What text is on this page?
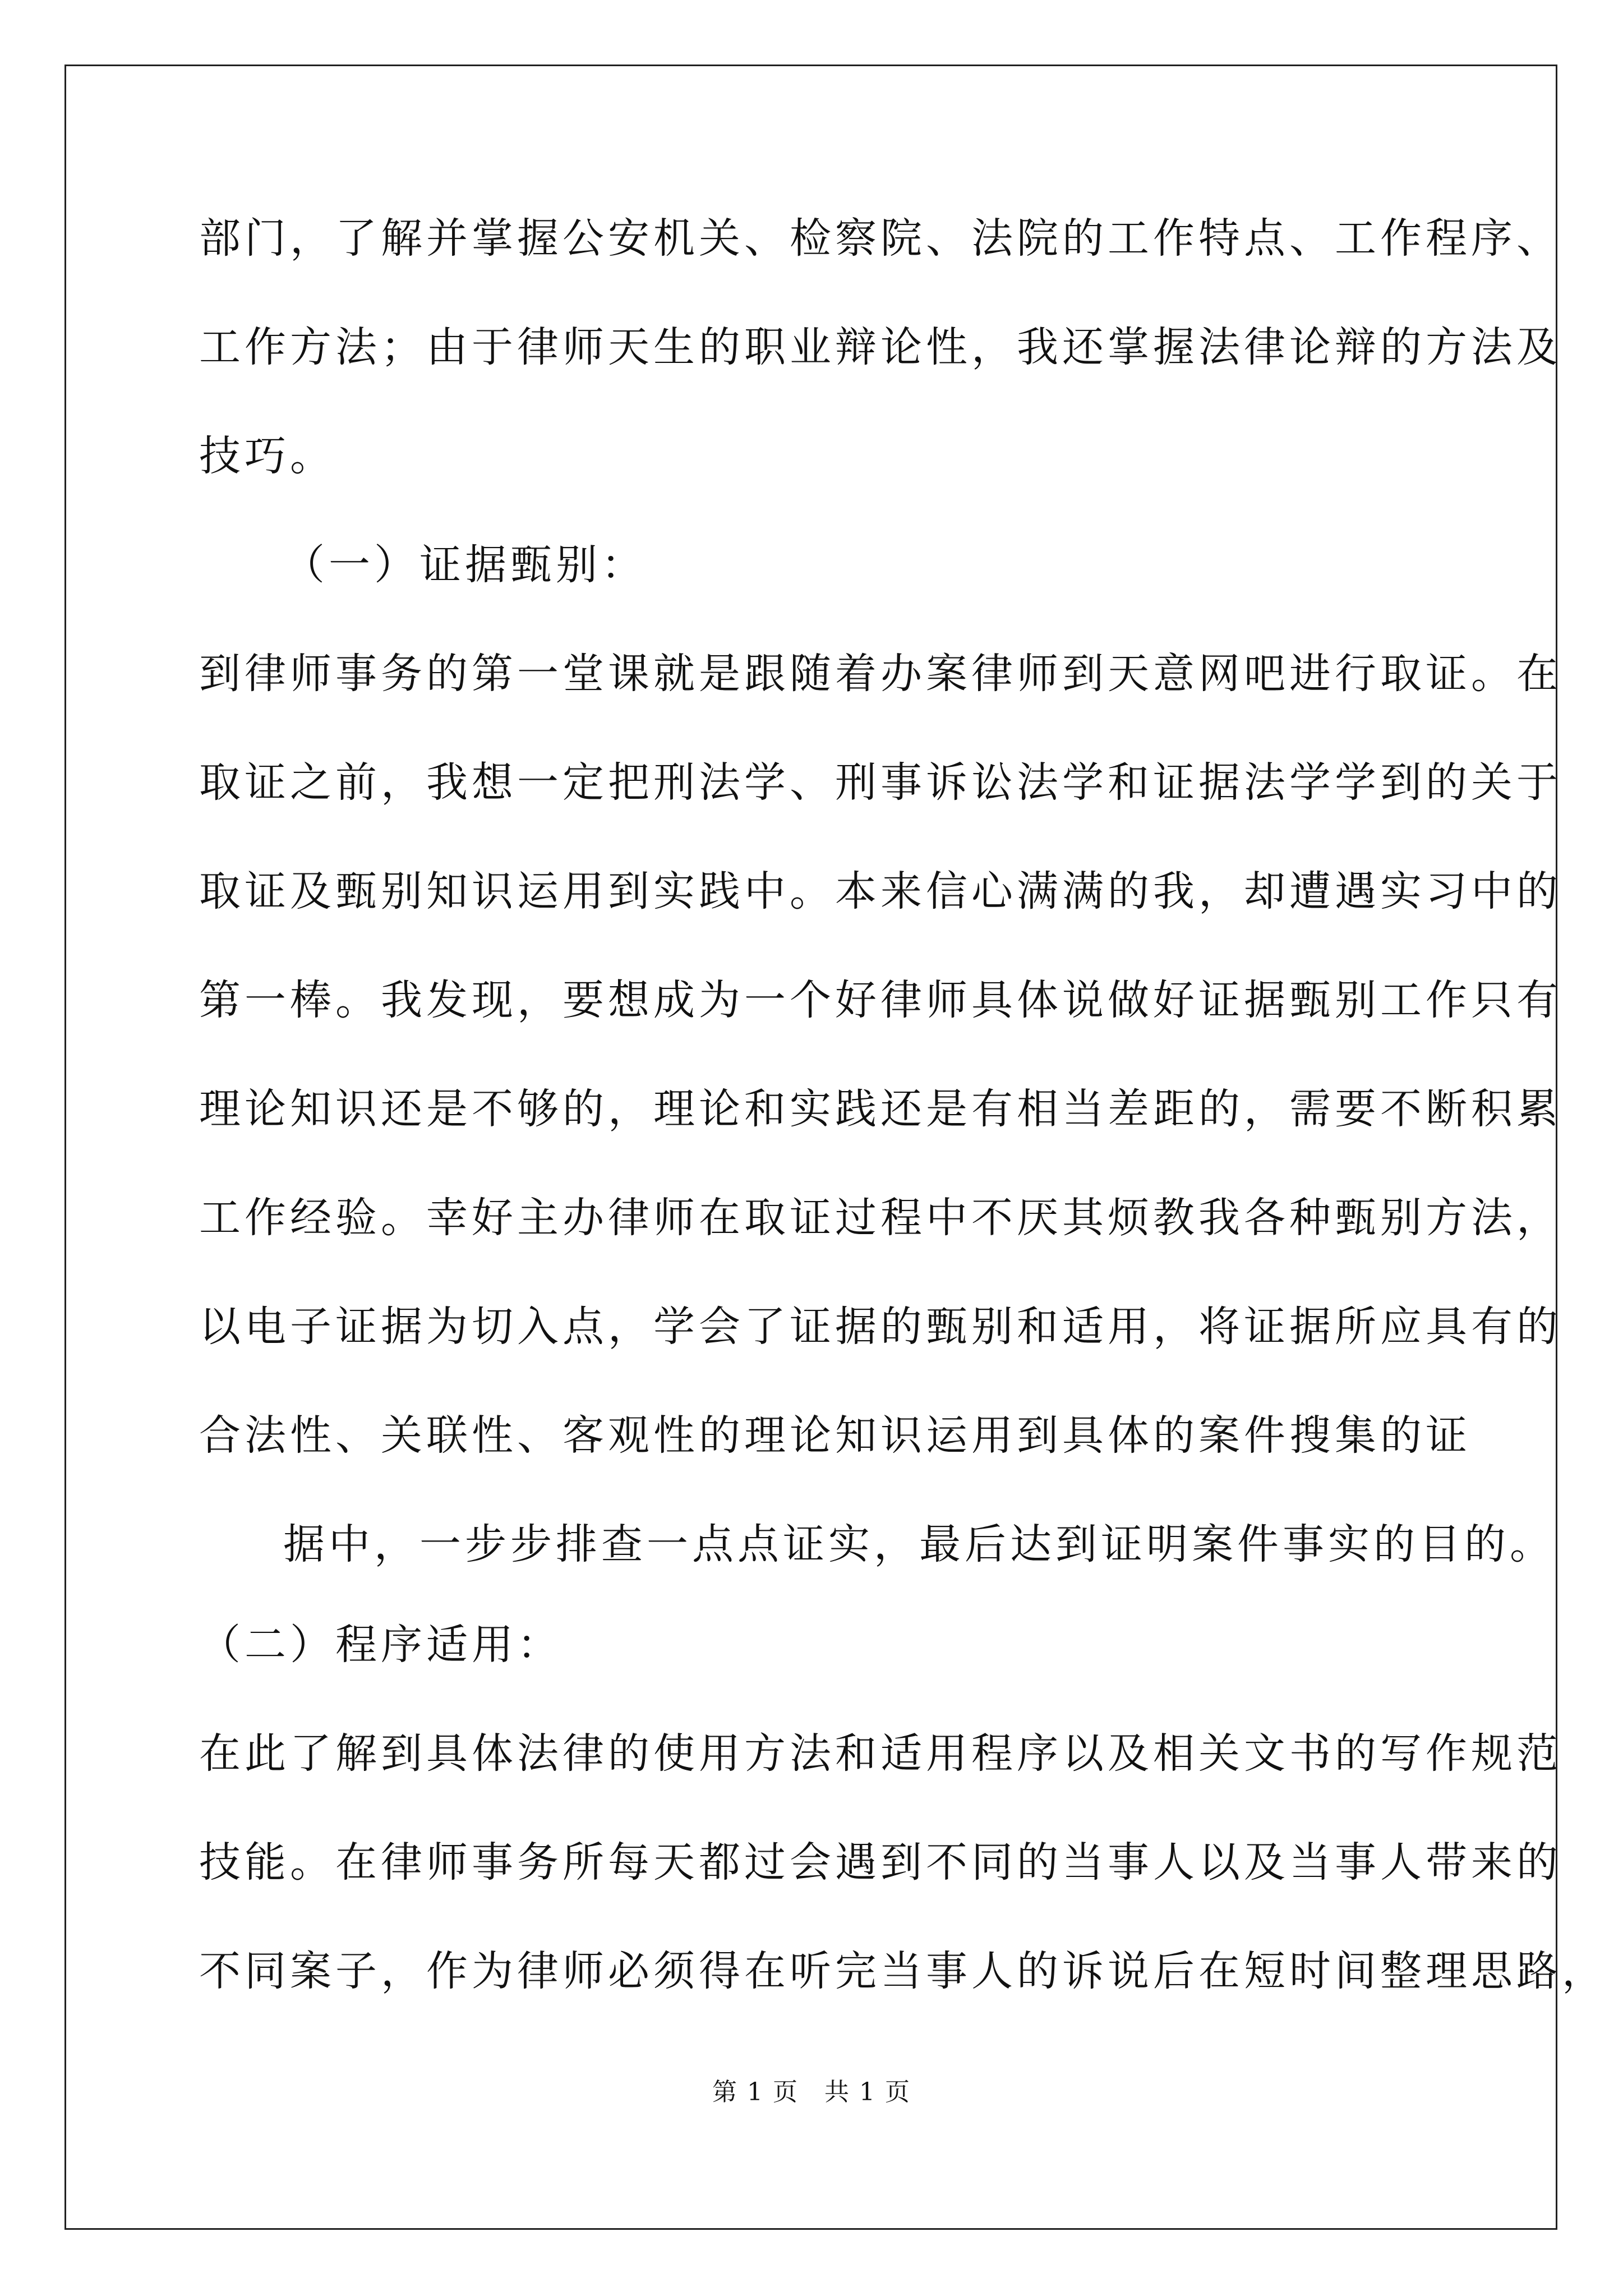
部门，了解并掌握公安机关、检察院、法院的工作特点、工作程序、
工作方法；由于律师天生的职业辩论性，我还掌握法律论辩的方法及
技巧。
（一）证据甄别：
到律师事务的第一堂课就是跟随着办案律师到天意网吧进行取证。在
取证之前，我想一定把刑法学、刑事诉讼法学和证据法学学到的关于
取证及甄别知识运用到实践中。本来信心满满的我，却遭遇实习中的
第一棒。我发现，要想成为一个好律师具体说做好证据甄别工作只有
理论知识还是不够的，理论和实践还是有相当差距的，需要不断积累
工作经验。幸好主办律师在取证过程中不厌其烦教我各种甄别方法，
以电子证据为切入点，学会了证据的甄别和适用，将证据所应具有的
合法性、关联性、客观性的理论知识运用到具体的案件搜集的证
据中，一步步排查一点点证实，最后达到证明案件事实的目的。
（二）程序适用：
在此了解到具体法律的使用方法和适用程序以及相关文书的写作规范
技能。在律师事务所每天都过会遇到不同的当事人以及当事人带来的
不同案子，作为律师必须得在听完当事人的诉说后在短时间整理思路，
第 1 页　共 1 页
